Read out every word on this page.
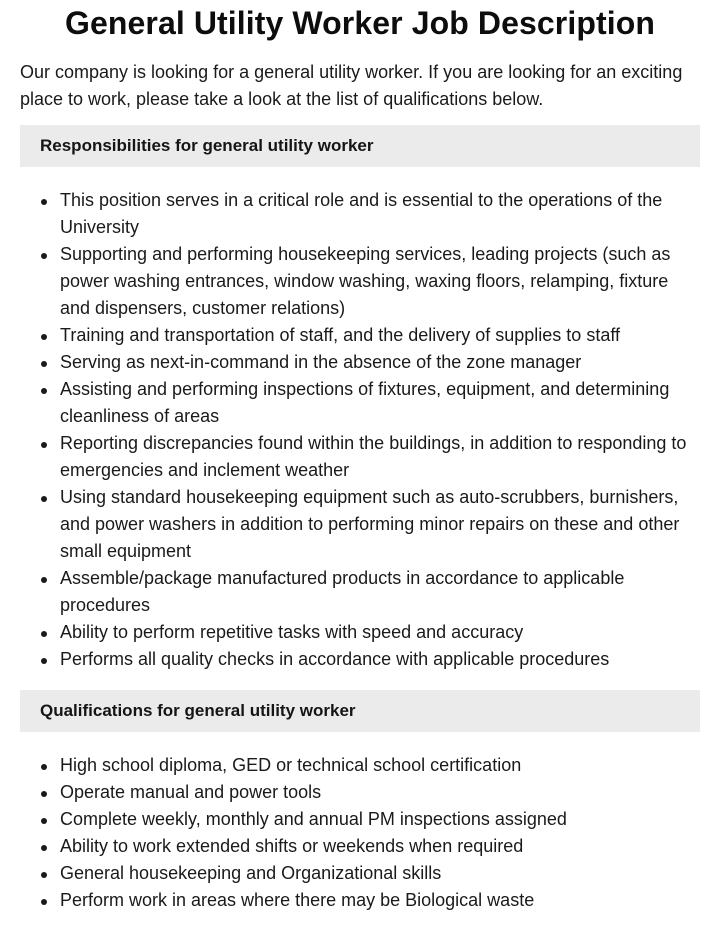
General Utility Worker Job Description

Our company is looking for a general utility worker. If you are looking for an exciting place to work, please take a look at the list of qualifications below.

Responsibilities for general utility worker
This position serves in a critical role and is essential to the operations of the University
Supporting and performing housekeeping services, leading projects (such as power washing entrances, window washing, waxing floors, relamping, fixture and dispensers, customer relations)
Training and transportation of staff, and the delivery of supplies to staff
Serving as next-in-command in the absence of the zone manager
Assisting and performing inspections of fixtures, equipment, and determining cleanliness of areas
Reporting discrepancies found within the buildings, in addition to responding to emergencies and inclement weather
Using standard housekeeping equipment such as auto-scrubbers, burnishers, and power washers in addition to performing minor repairs on these and other small equipment
Assemble/package manufactured products in accordance to applicable procedures
Ability to perform repetitive tasks with speed and accuracy
Performs all quality checks in accordance with applicable procedures
Qualifications for general utility worker
High school diploma, GED or technical school certification
Operate manual and power tools
Complete weekly, monthly and annual PM inspections assigned
Ability to work extended shifts or weekends when required
General housekeeping and Organizational skills
Perform work in areas where there may be Biological waste
